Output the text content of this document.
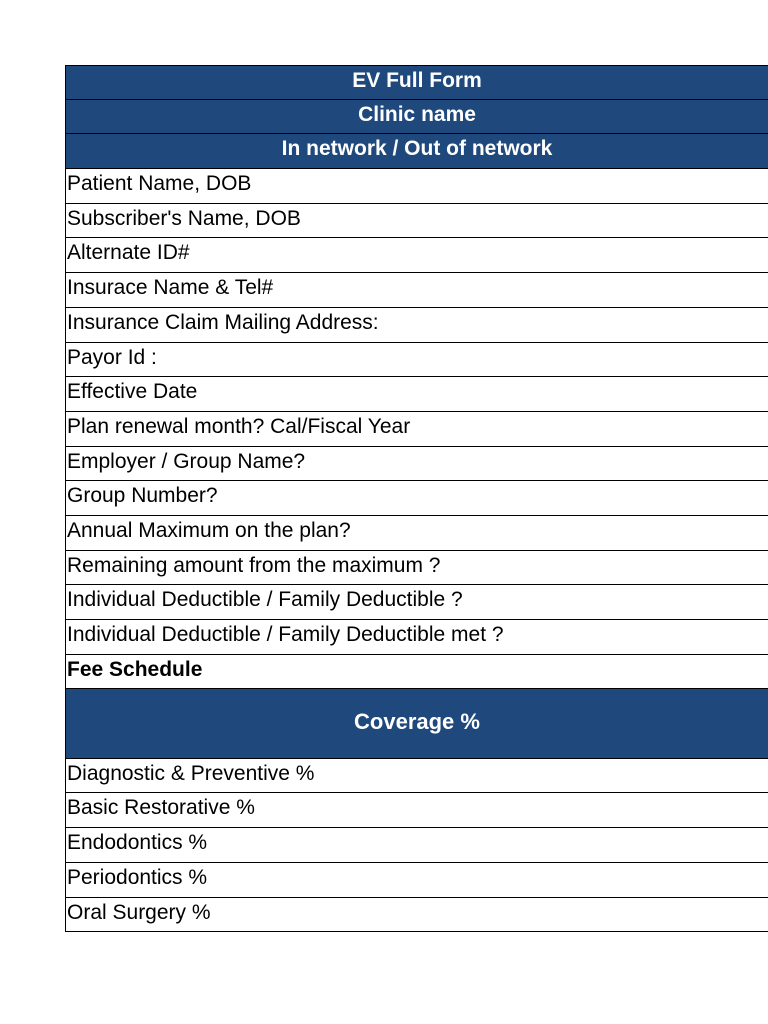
EV Full Form
Clinic name
In network / Out of network
Patient Name, DOB
Subscriber's Name, DOB
Alternate ID#
Insurace Name & Tel#
Insurance Claim Mailing Address:
Payor Id :
Effective Date
Plan renewal month? Cal/Fiscal Year
Employer / Group Name?
Group Number?
Annual Maximum on the plan?
Remaining amount from the maximum ?
Individual Deductible / Family Deductible ?
Individual Deductible / Family Deductible met ?
Fee Schedule
Coverage %
Diagnostic & Preventive %
Basic Restorative %
Endodontics %
Periodontics %
Oral Surgery %
